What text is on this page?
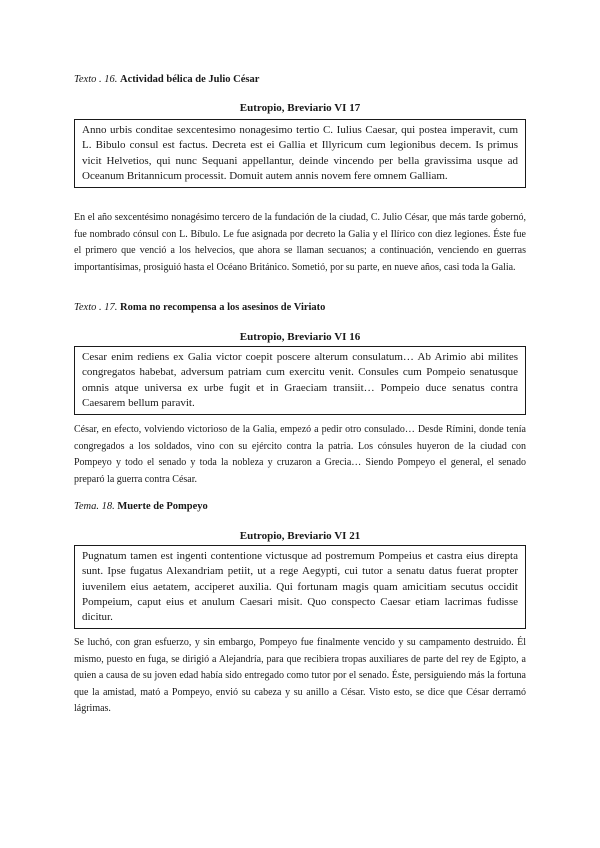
Texto . 16. Actividad bélica de Julio César
Eutropio, Breviario VI 17
Anno urbis conditae sexcentesimo nonagesimo tertio C. Iulius Caesar, qui postea imperavit, cum L. Bibulo consul est factus. Decreta est ei Gallia et Illyricum cum legionibus decem. Is primus vicit Helvetios, qui nunc Sequani appellantur, deinde vincendo per bella gravissima usque ad Oceanum Britannicum processit. Domuit autem annis novem fere omnem Galliam.
En el año sexcentésimo nonagésimo tercero de la fundación de la ciudad, C. Julio César, que más tarde gobernó, fue nombrado cónsul con L. Bíbulo. Le fue asignada por decreto la Galia y el Ilírico con diez legiones. Éste fue el primero que venció a los helvecios, que ahora se llaman secuanos; a continuación, venciendo en guerras importantísimas, prosiguió hasta el Océano Británico. Sometió, por su parte, en nueve años, casi toda la Galia.
Texto . 17. Roma no recompensa a los asesinos de Viriato
Eutropio, Breviario VI 16
Cesar enim rediens ex Galia victor coepit poscere alterum consulatum… Ab Arimio abi milites congregatos habebat, adversum patriam cum exercitu venit. Consules cum Pompeio senatusque omnis atque universa ex urbe fugit et in Graeciam transiit… Pompeio duce senatus contra Caesarem bellum paravit.
César, en efecto, volviendo victorioso de la Galia, empezó a pedir otro consulado… Desde Rímini, donde tenía congregados a los soldados, vino con su ejército contra la patria. Los cónsules huyeron de la ciudad con Pompeyo y todo el senado y toda la nobleza y cruzaron a Grecia… Siendo Pompeyo el general, el senado preparó la guerra contra César.
Tema. 18. Muerte de Pompeyo
Eutropio, Breviario VI 21
Pugnatum tamen est ingenti contentione victusque ad postremum Pompeius et castra eius direpta sunt. Ipse fugatus Alexandriam petiit, ut a rege Aegypti, cui tutor a senatu datus fuerat propter iuvenilem eius aetatem, acciperet auxilia. Qui fortunam magis quam amicitiam secutus occidit Pompeium, caput eius et anulum Caesari misit. Quo conspecto Caesar etiam lacrimas fudisse dicitur.
Se luchó, con gran esfuerzo, y sin embargo, Pompeyo fue finalmente vencido y su campamento destruido. Él mismo, puesto en fuga, se dirigió a Alejandría, para que recibiera tropas auxiliares de parte del rey de Egipto, a quien a causa de su joven edad había sido entregado como tutor por el senado. Éste, persiguiendo más la fortuna que la amistad, mató a Pompeyo, envió su cabeza y su anillo a César. Visto esto, se dice que César derramó lágrimas.
